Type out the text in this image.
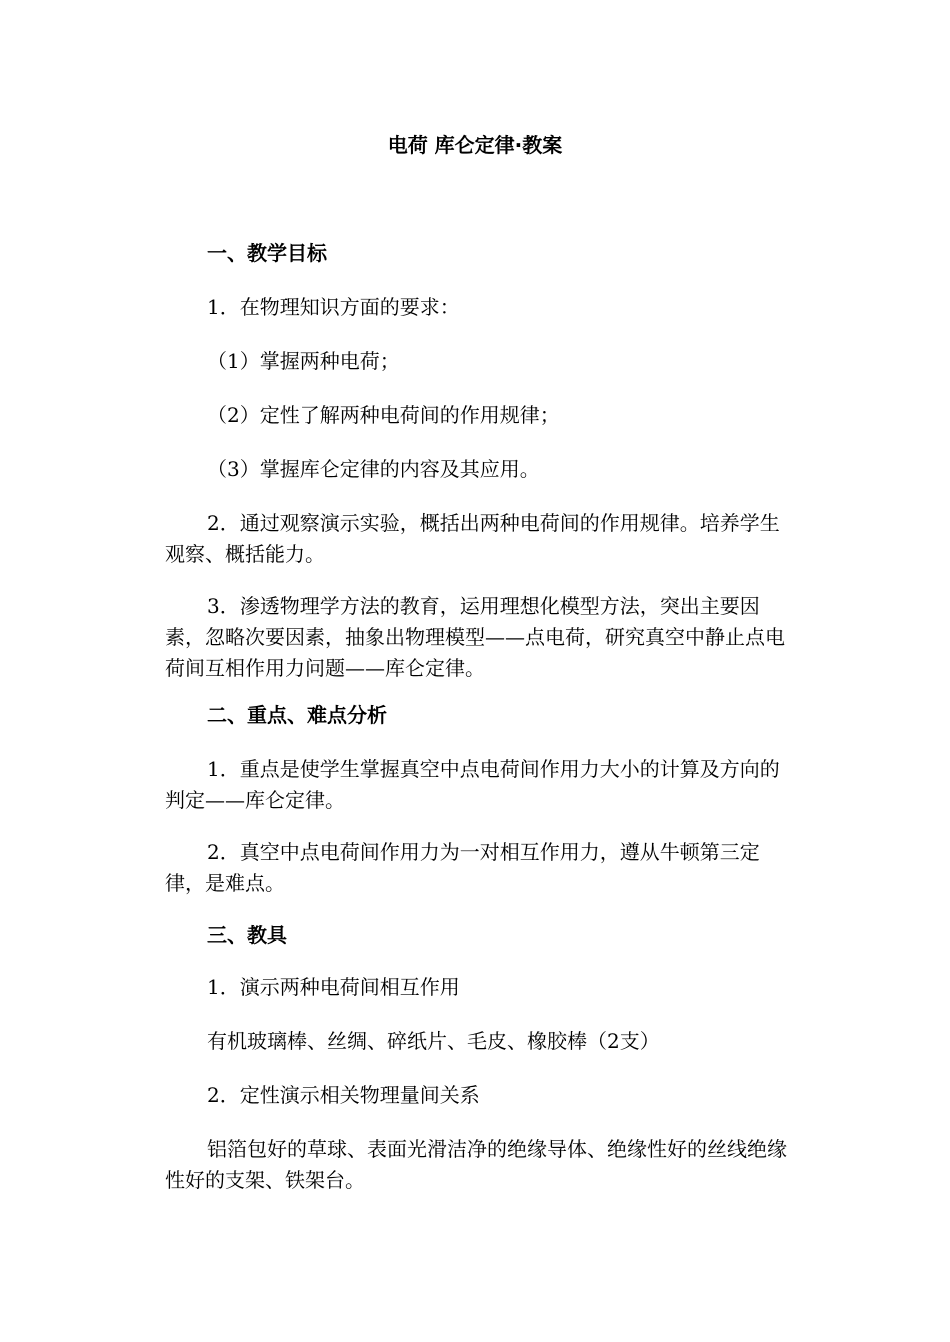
电荷 库仑定律·教案

一、教学目标

1．在物理知识方面的要求：

（1）掌握两种电荷；

（2）定性了解两种电荷间的作用规律；

（3）掌握库仑定律的内容及其应用。

2．通过观察演示实验，概括出两种电荷间的作用规律。培养学生观察、概括能力。

3．渗透物理学方法的教育，运用理想化模型方法，突出主要因素，忽略次要因素，抽象出物理模型——点电荷，研究真空中静止点电荷间互相作用力问题——库仑定律。

二、重点、难点分析

1．重点是使学生掌握真空中点电荷间作用力大小的计算及方向的判定——库仑定律。

2．真空中点电荷间作用力为一对相互作用力，遵从牛顿第三定律，是难点。

三、教具

1．演示两种电荷间相互作用

有机玻璃棒、丝绸、碎纸片、毛皮、橡胶棒（2支）

2．定性演示相关物理量间关系

铝箔包好的草球、表面光滑洁净的绝缘导体、绝缘性好的丝线绝缘性好的支架、铁架台。
